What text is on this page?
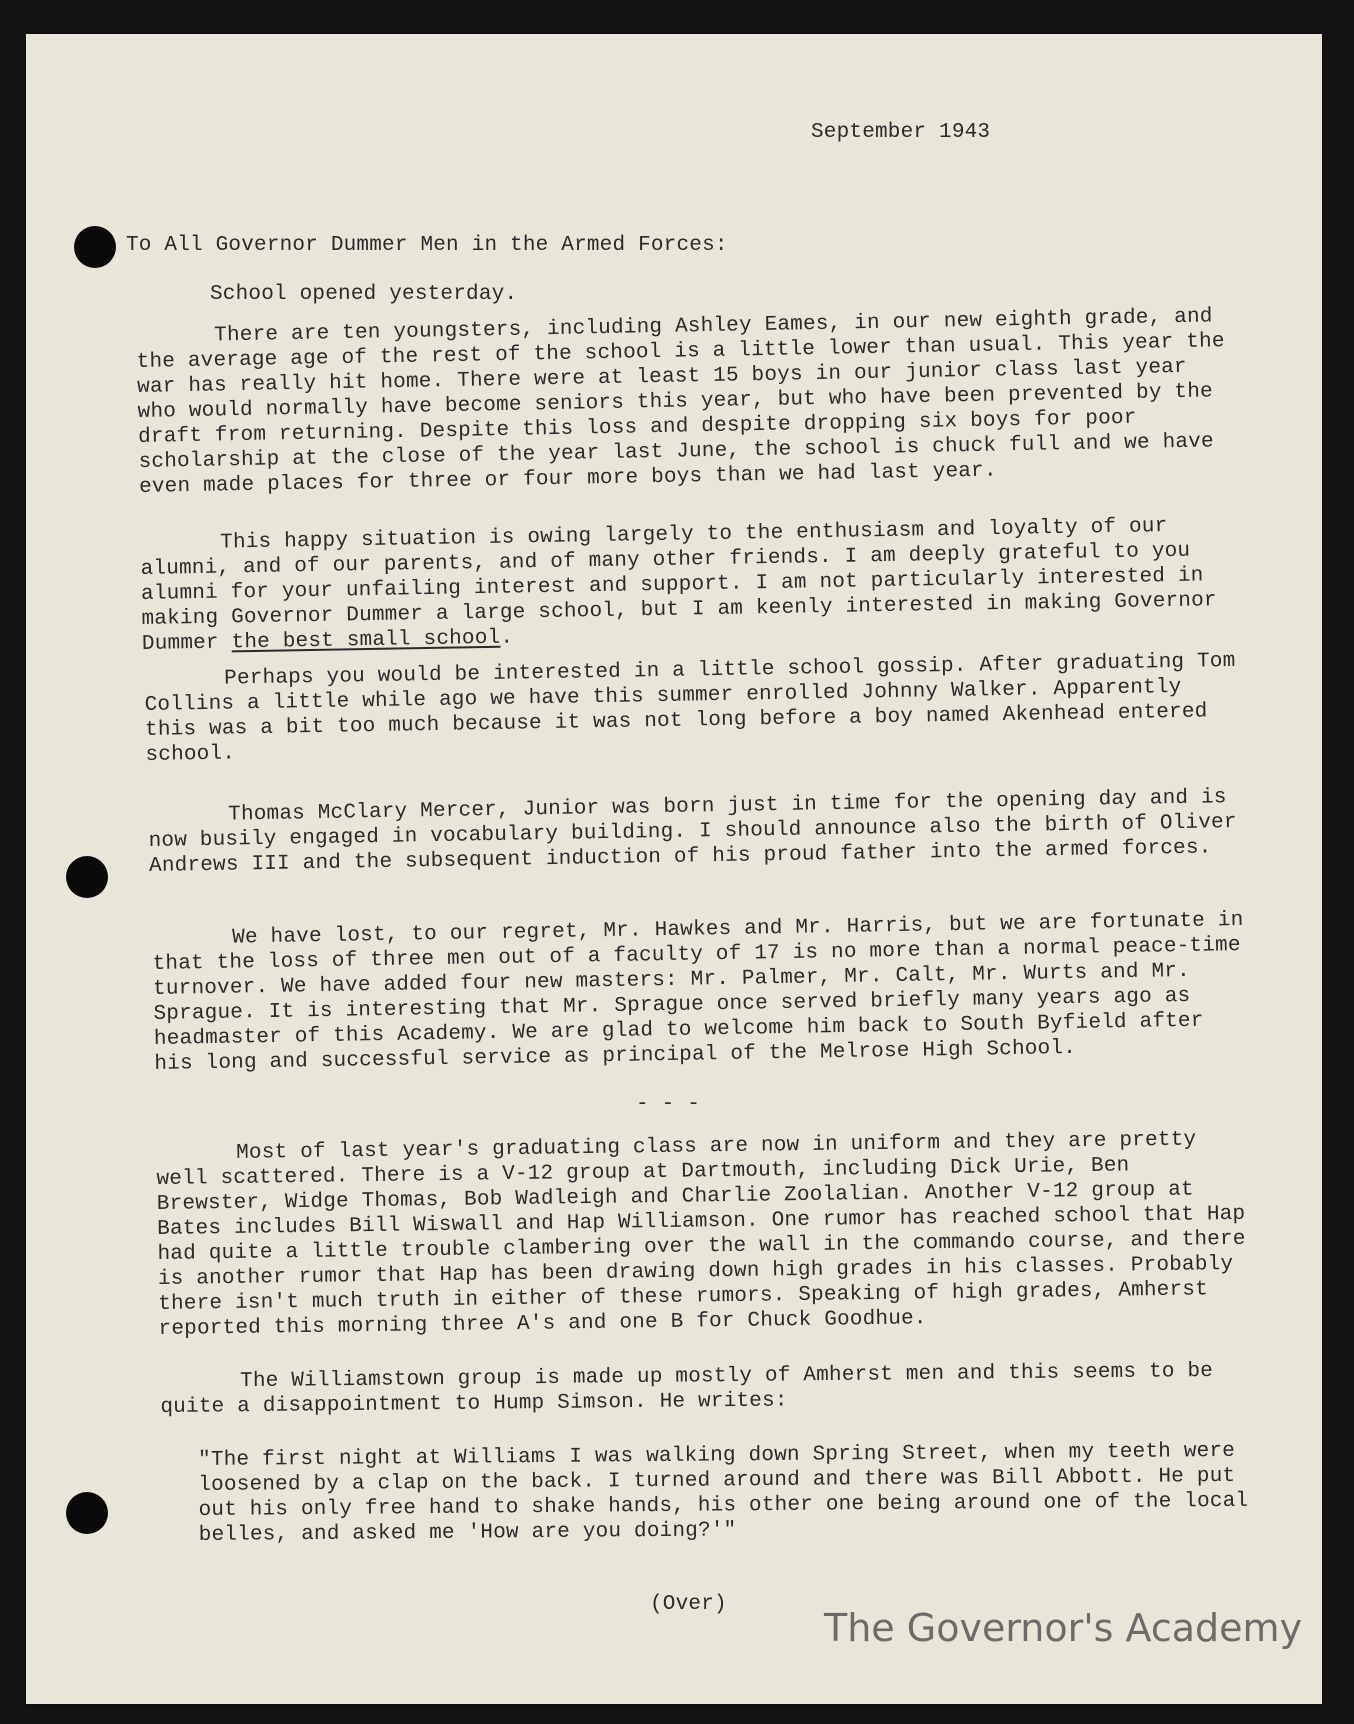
September 1943
To All Governor Dummer Men in the Armed Forces:
School opened yesterday.
There are ten youngsters, including Ashley Eames, in our new eighth grade, and the average age of the rest of the school is a little lower than usual. This year the war has really hit home. There were at least 15 boys in our junior class last year who would normally have become seniors this year, but who have been prevented by the draft from returning. Despite this loss and despite dropping six boys for poor scholarship at the close of the year last June, the school is chuck full and we have even made places for three or four more boys than we had last year.
This happy situation is owing largely to the enthusiasm and loyalty of our alumni, and of our parents, and of many other friends. I am deeply grateful to you alumni for your unfailing interest and support. I am not particularly interested in making Governor Dummer a large school, but I am keenly interested in making Governor Dummer the best small school.
Perhaps you would be interested in a little school gossip. After graduating Tom Collins a little while ago we have this summer enrolled Johnny Walker. Apparently this was a bit too much because it was not long before a boy named Akenhead entered school.
Thomas McClary Mercer, Junior was born just in time for the opening day and is now busily engaged in vocabulary building. I should announce also the birth of Oliver Andrews III and the subsequent induction of his proud father into the armed forces.
We have lost, to our regret, Mr. Hawkes and Mr. Harris, but we are fortunate in that the loss of three men out of a faculty of 17 is no more than a normal peace-time turnover. We have added four new masters: Mr. Palmer, Mr. Calt, Mr. Wurts and Mr. Sprague. It is interesting that Mr. Sprague once served briefly many years ago as headmaster of this Academy. We are glad to welcome him back to South Byfield after his long and successful service as principal of the Melrose High School.
- - -
Most of last year's graduating class are now in uniform and they are pretty well scattered. There is a V-12 group at Dartmouth, including Dick Urie, Ben Brewster, Widge Thomas, Bob Wadleigh and Charlie Zoolalian. Another V-12 group at Bates includes Bill Wiswall and Hap Williamson. One rumor has reached school that Hap had quite a little trouble clambering over the wall in the commando course, and there is another rumor that Hap has been drawing down high grades in his classes. Probably there isn't much truth in either of these rumors. Speaking of high grades, Amherst reported this morning three A's and one B for Chuck Goodhue.
The Williamstown group is made up mostly of Amherst men and this seems to be quite a disappointment to Hump Simson. He writes:
"The first night at Williams I was walking down Spring Street, when my teeth were loosened by a clap on the back. I turned around and there was Bill Abbott. He put out his only free hand to shake hands, his other one being around one of the local belles, and asked me 'How are you doing?'"
(Over)
The Governor's Academy
